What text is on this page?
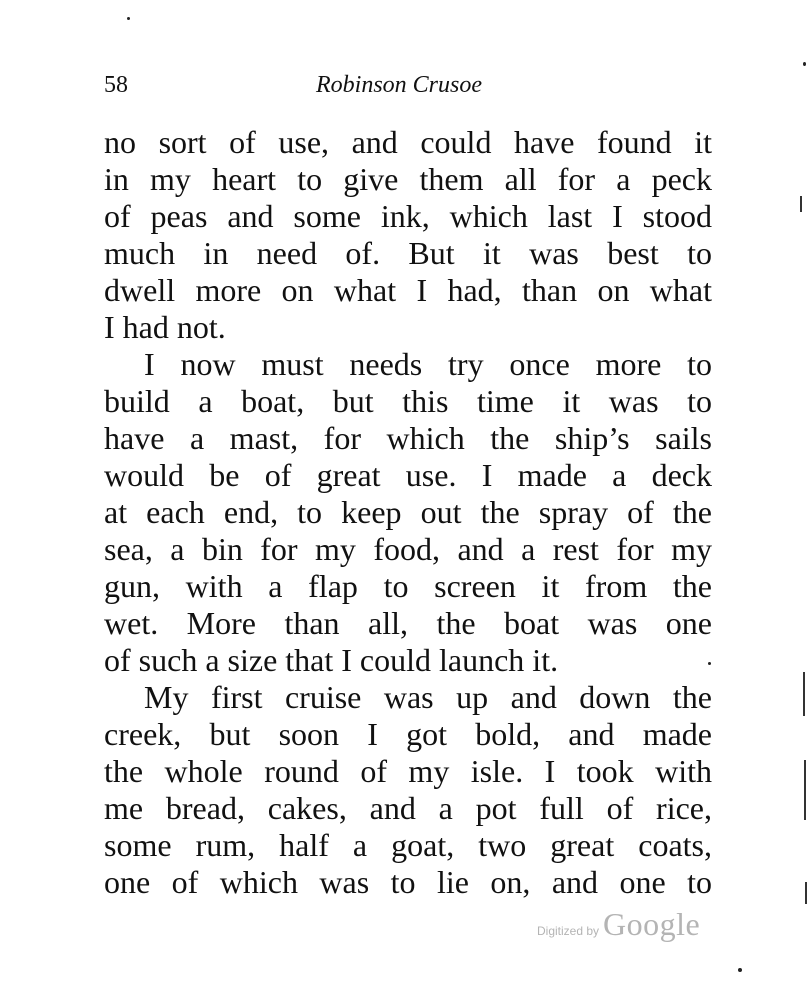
58	Robinson Crusoe
no sort of use, and could have found it
in my heart to give them all for a peck
of peas and some ink, which last I stood
much in need of. But it was best to
dwell more on what I had, than on what
I had not.
I now must needs try once more to
build a boat, but this time it was to
have a mast, for which the ship’s sails
would be of great use. I made a deck
at each end, to keep out the spray of the
sea, a bin for my food, and a rest for my
gun, with a flap to screen it from the
wet. More than all, the boat was one
of such a size that I could launch it.
My first cruise was up and down the
creek, but soon I got bold, and made
the whole round of my isle. I took with
me bread, cakes, and a pot full of rice,
some rum, half a goat, two great coats,
one of which was to lie on, and one to
Digitized by Google
